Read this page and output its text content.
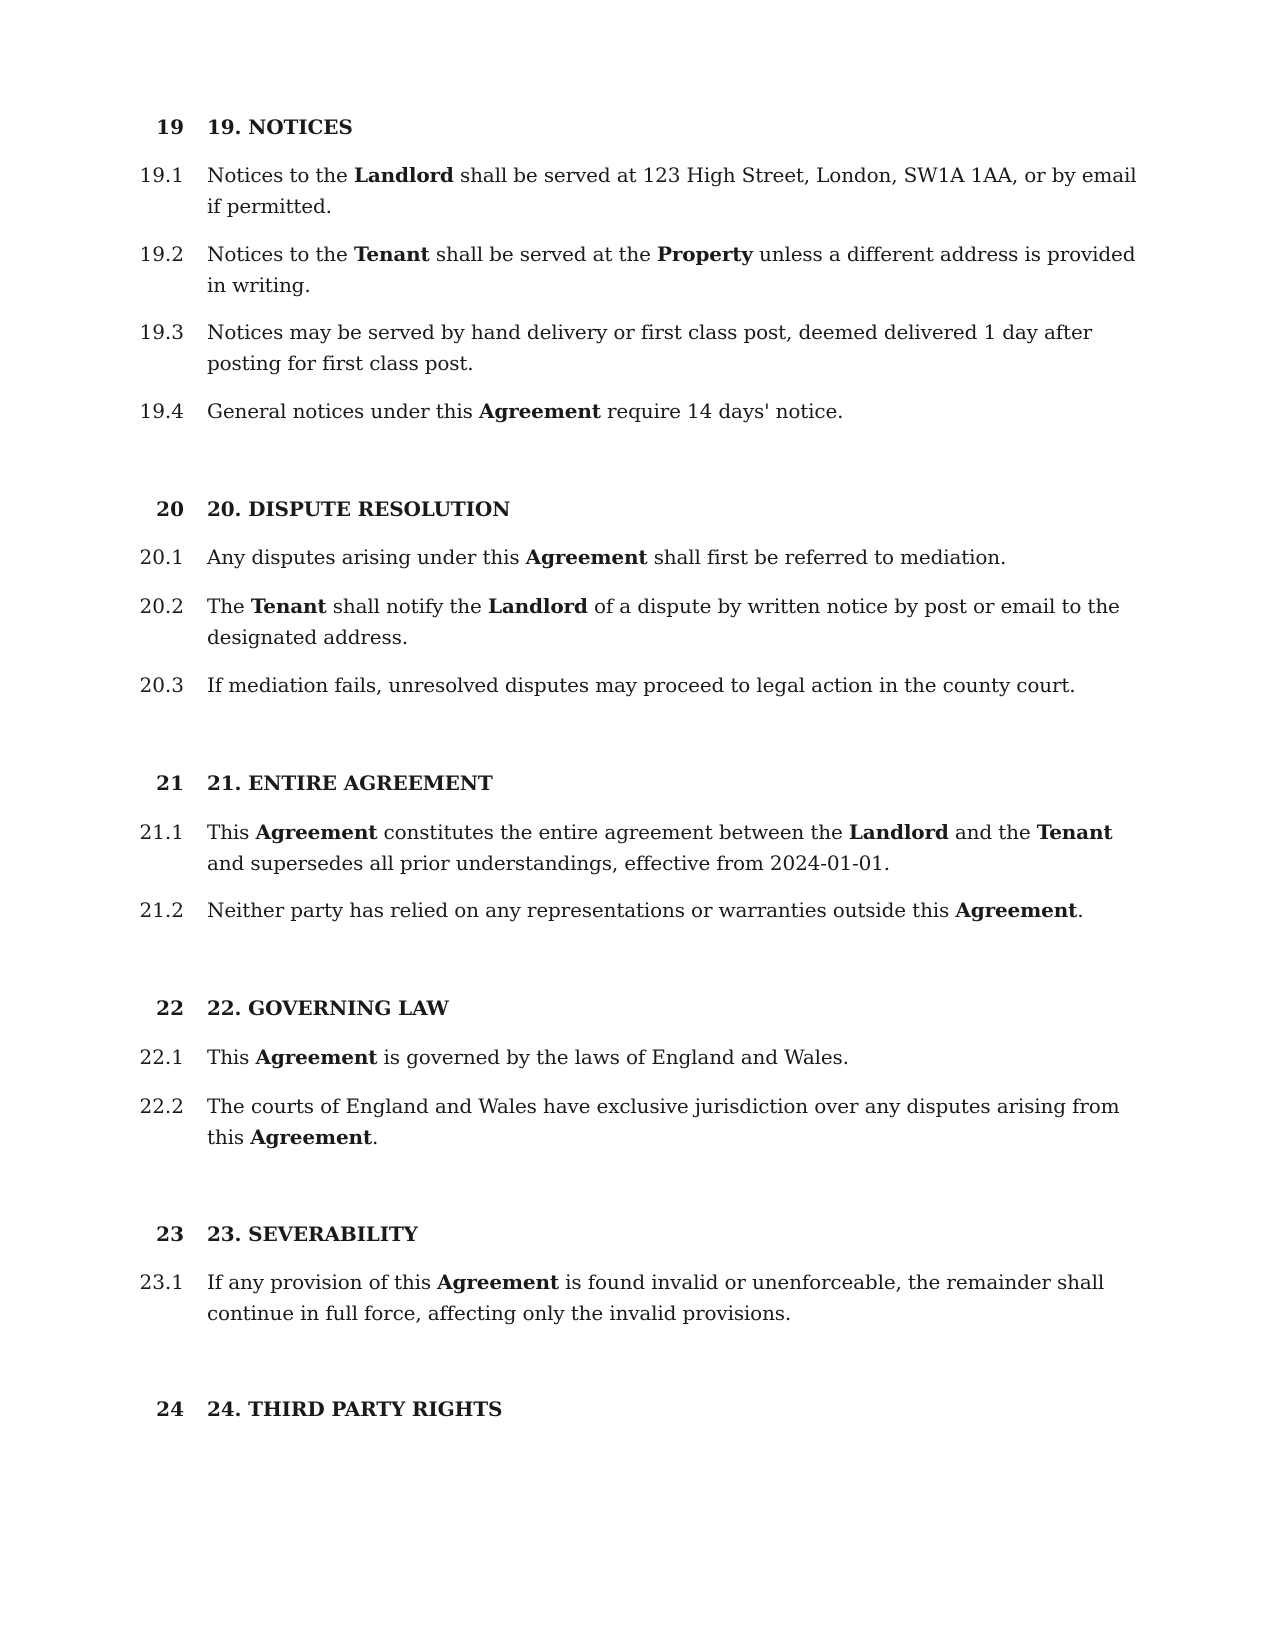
19 19. NOTICES
19.1 Notices to the Landlord shall be served at 123 High Street, London, SW1A 1AA, or by email if permitted.
19.2 Notices to the Tenant shall be served at the Property unless a different address is provided in writing.
19.3 Notices may be served by hand delivery or first class post, deemed delivered 1 day after posting for first class post.
19.4 General notices under this Agreement require 14 days' notice.
20 20. DISPUTE RESOLUTION
20.1 Any disputes arising under this Agreement shall first be referred to mediation.
20.2 The Tenant shall notify the Landlord of a dispute by written notice by post or email to the designated address.
20.3 If mediation fails, unresolved disputes may proceed to legal action in the county court.
21 21. ENTIRE AGREEMENT
21.1 This Agreement constitutes the entire agreement between the Landlord and the Tenant and supersedes all prior understandings, effective from 2024-01-01.
21.2 Neither party has relied on any representations or warranties outside this Agreement.
22 22. GOVERNING LAW
22.1 This Agreement is governed by the laws of England and Wales.
22.2 The courts of England and Wales have exclusive jurisdiction over any disputes arising from this Agreement.
23 23. SEVERABILITY
23.1 If any provision of this Agreement is found invalid or unenforceable, the remainder shall continue in full force, affecting only the invalid provisions.
24 24. THIRD PARTY RIGHTS
